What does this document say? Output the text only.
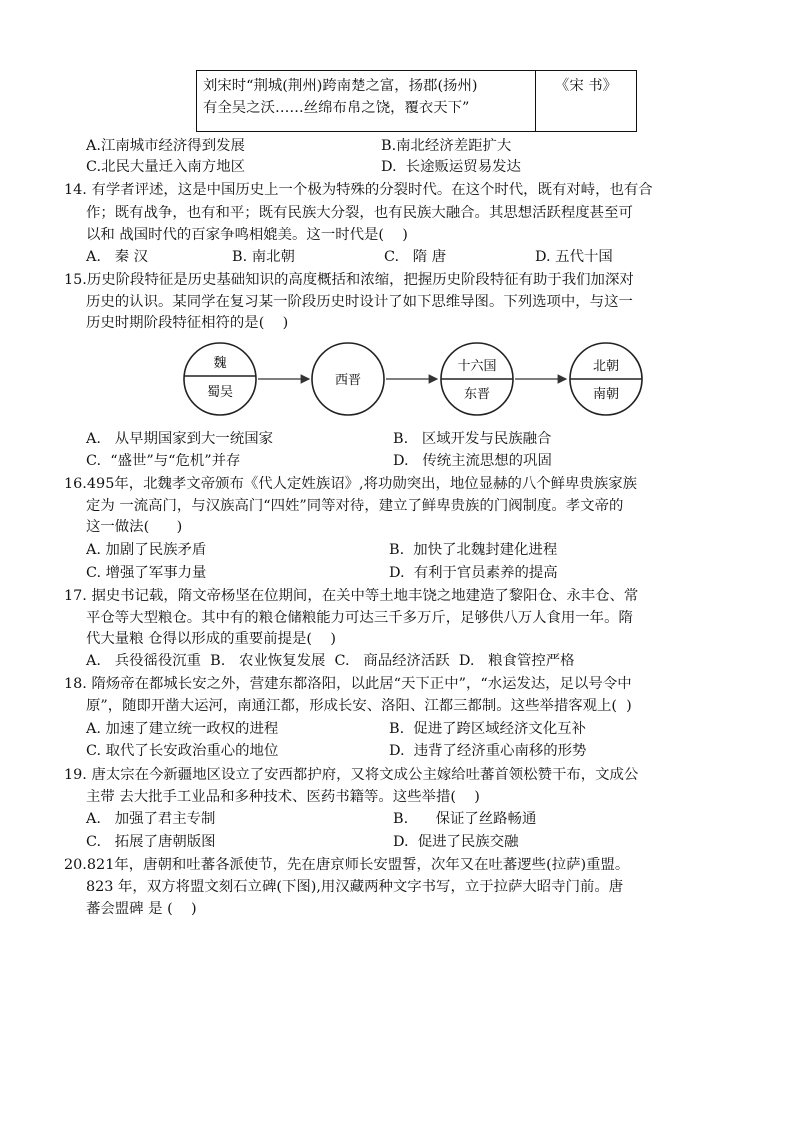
刘宋时“荆城(荆州)跨南楚之富，扬郡(扬州)
有全吴之沃……丝绵布帛之饶，覆衣天下”
	《宋 书》
A.江南城市经济得到发展	B.南北经济差距扩大
C.北民大量迁入南方地区	D.  长途贩运贸易发达
14. 有学者评述，这是中国历史上一个极为特殊的分裂时代。在这个时代，既有对峙，也有合
作；既有战争，也有和平；既有民族大分裂，也有民族大融合。其思想活跃程度甚至可
以和 战国时代的百家争鸣相媲美。这一时代是(    )
A.   秦 汉	B. 南北朝	C.   隋 唐	D. 五代十国
15.历史阶段特征是历史基础知识的高度概括和浓缩，把握历史阶段特征有助于我们加深对
历史的认识。某同学在复习某一阶段历史时设计了如下思维导图。下列选项中，与这一
历史时期阶段特征相符的是(    )
魏
蜀吴
西晋
十六国
东晋
北朝
南朝
A.   从早期国家到大一统国家	B.   区域开发与民族融合
C.  “盛世”与“危机”并存	D.   传统主流思想的巩固
16.495年，北魏孝文帝颁布《代人定姓族诏》,将功勋突出，地位显赫的八个鲜卑贵族家族
定为 一流高门，与汉族高门“四姓”同等对待，建立了鲜卑贵族的门阀制度。孝文帝的
这一做法(      )
A. 加剧了民族矛盾	B.  加快了北魏封建化进程
C. 增强了军事力量	D.  有利于官员素养的提高
17. 据史书记载，隋文帝杨坚在位期间，在关中等土地丰饶之地建造了黎阳仓、永丰仓、常
平仓等大型粮仓。其中有的粮仓储粮能力可达三千多万斤，足够供八万人食用一年。隋
代大量粮 仓得以形成的重要前提是(    )
A.   兵役徭役沉重  B.   农业恢复发展  C.   商品经济活跃  D.   粮食管控严格
18. 隋炀帝在都城长安之外，营建东都洛阳，以此居“天下正中”，“水运发达，足以号令中
原”，随即开凿大运河，南通江都，形成长安、洛阳、江都三都制。这些举措客观上(  )
A. 加速了建立统一政权的进程	B.  促进了跨区域经济文化互补
C. 取代了长安政治重心的地位	D.  违背了经济重心南移的形势
19. 唐太宗在今新疆地区设立了安西都护府，又将文成公主嫁给吐蕃首领松赞干布，文成公
主带 去大批手工业品和多种技术、医药书籍等。这些举措(    )
A.   加强了君主专制	B.      保证了丝路畅通
C.   拓展了唐朝版图	D.  促进了民族交融
20.821年，唐朝和吐蕃各派使节，先在唐京师长安盟誓，次年又在吐蕃逻些(拉萨)重盟。
823 年，双方将盟文刻石立碑(下图),用汉藏两种文字书写，立于拉萨大昭寺门前。唐
蕃会盟碑 是 (    )
